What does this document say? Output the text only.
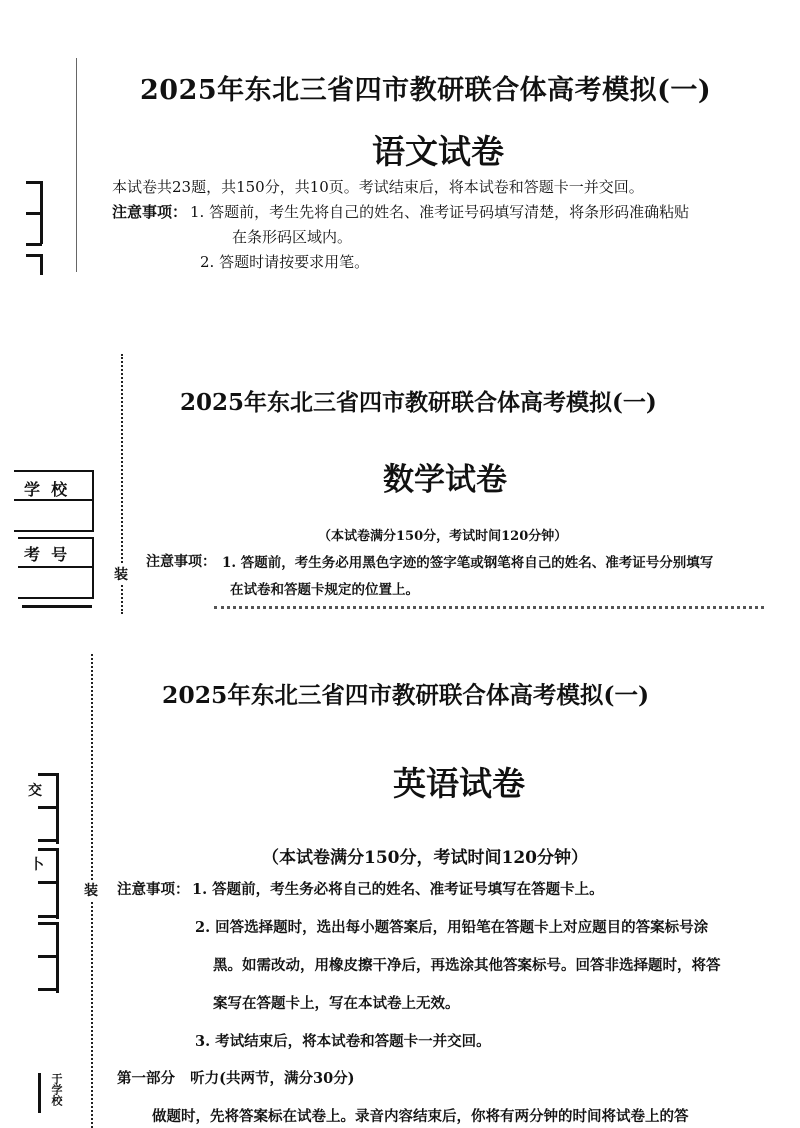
2025年东北三省四市教研联合体高考模拟(一)
语文试卷
本试卷共23题，共150分，共10页。考试结束后，将本试卷和答题卡一并交回。
注意事项： 1. 答题前，考生先将自己的姓名、准考证号码填写清楚，将条形码准确粘贴
在条形码区域内。
2. 答题时请按要求用笔。
装
学  校
考  号
2025年东北三省四市教研联合体高考模拟(一)
数学试卷
（本试卷满分150分，考试时间120分钟）
注意事项： 1. 答题前，考生务必用黑色字迹的签字笔或钢笔将自己的姓名、准考证号分别填写
在试卷和答题卡规定的位置上。
装
交
卜
于学校
2025年东北三省四市教研联合体高考模拟(一)
英语试卷
（本试卷满分150分，考试时间120分钟）
注意事项： 1. 答题前，考生务必将自己的姓名、准考证号填写在答题卡上。
2. 回答选择题时，选出每小题答案后，用铅笔在答题卡上对应题目的答案标号涂
黑。如需改动，用橡皮擦干净后，再选涂其他答案标号。回答非选择题时，将答
案写在答题卡上，写在本试卷上无效。
3. 考试结束后，将本试卷和答题卡一并交回。
第一部分   听力(共两节，满分30分)
做题时，先将答案标在试卷上。录音内容结束后，你将有两分钟的时间将试卷上的答
